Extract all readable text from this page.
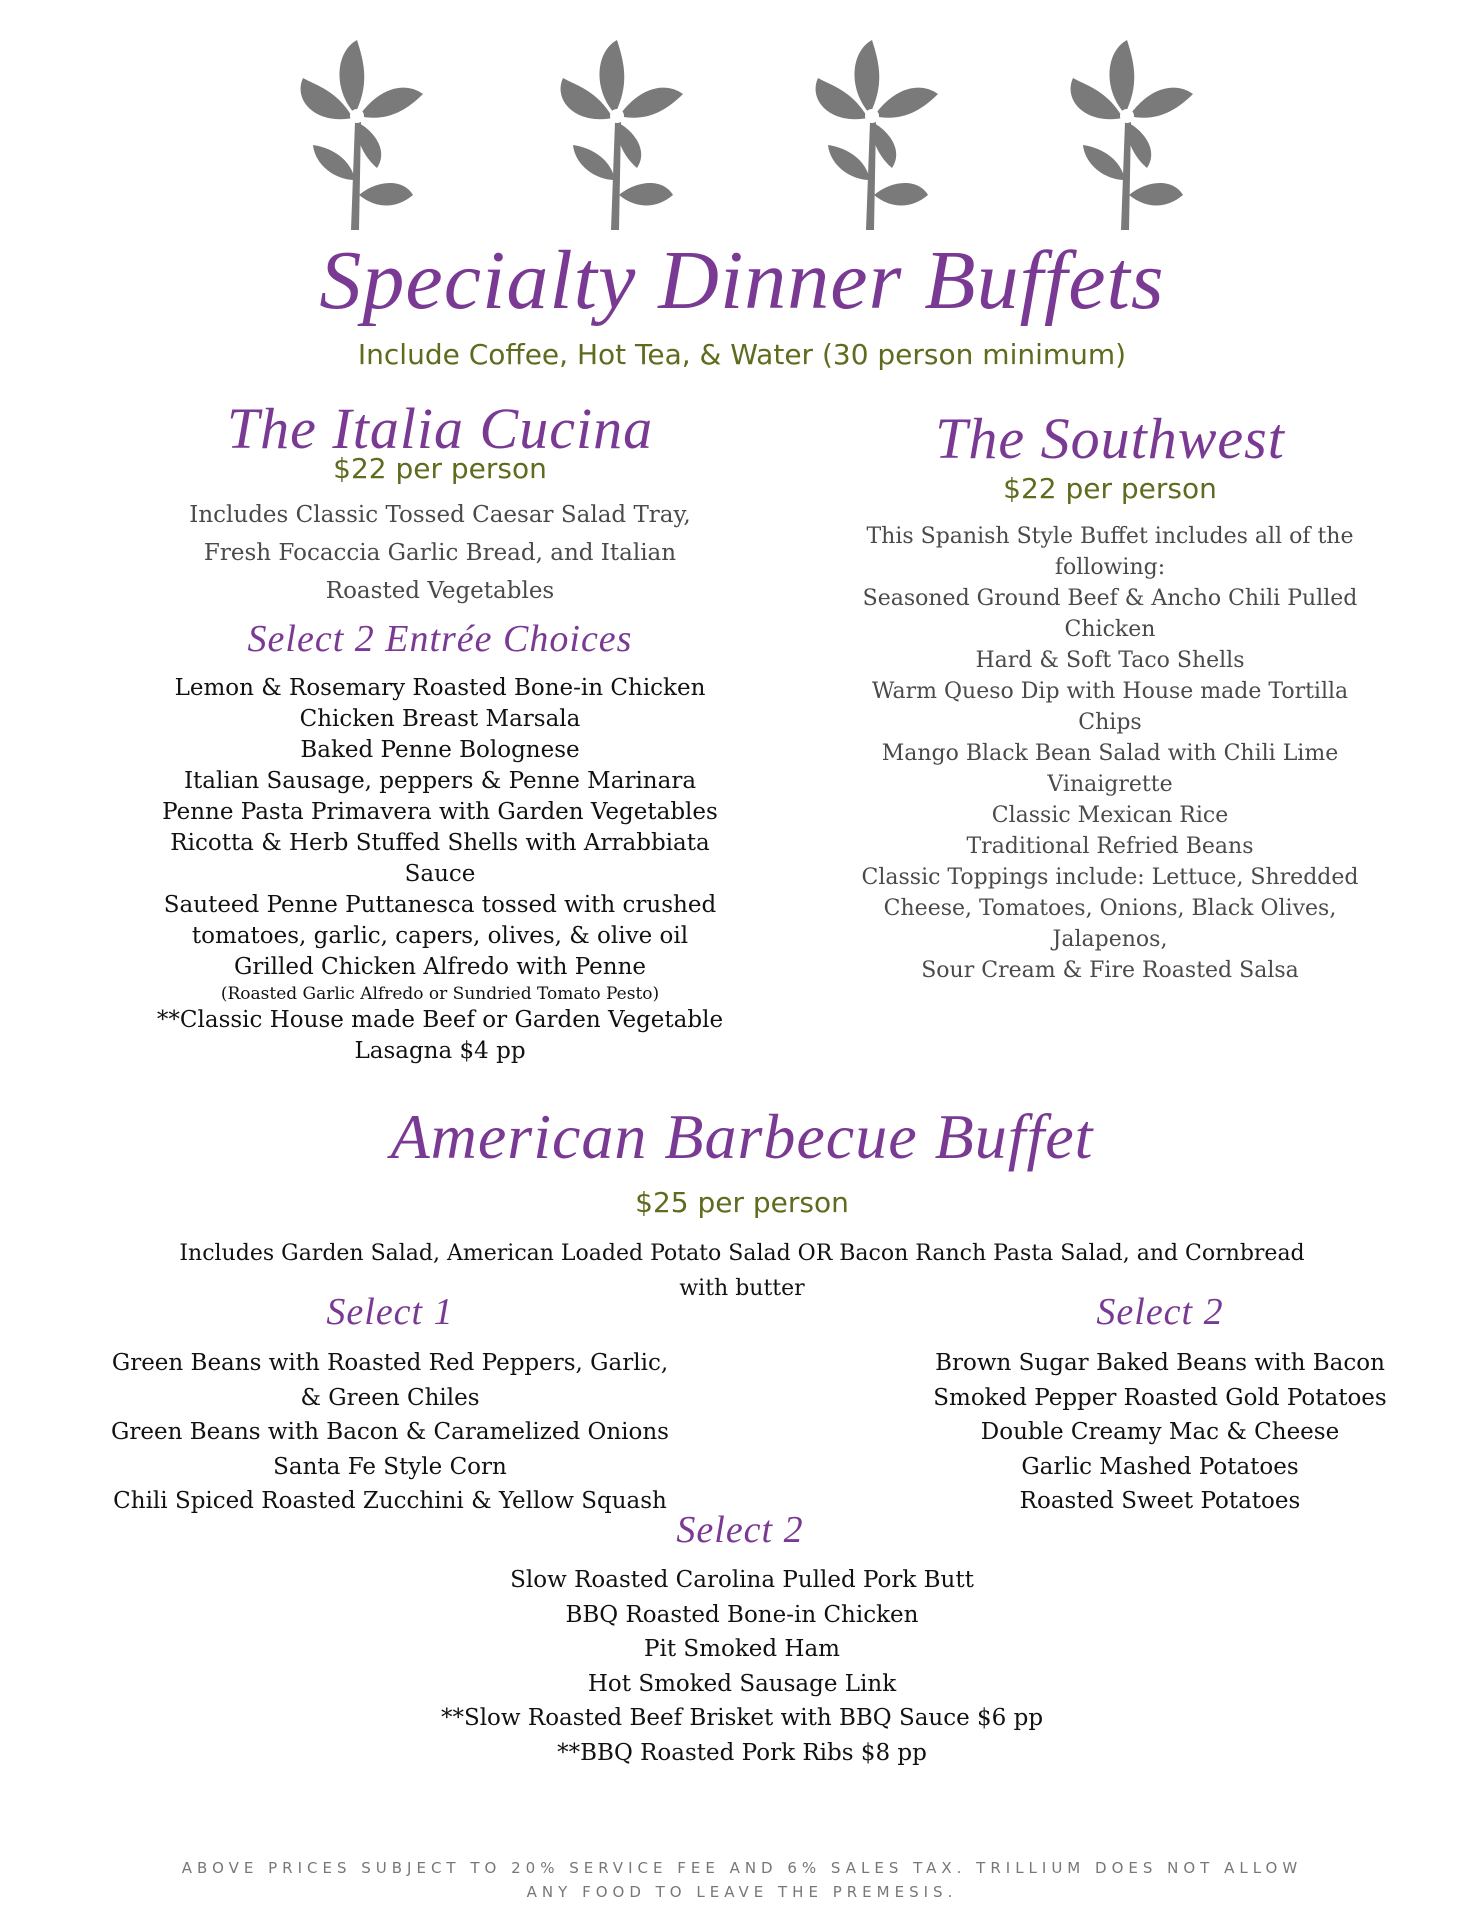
Specialty Dinner Buffets
Include Coffee, Hot Tea, & Water (30 person minimum)
The Italia Cucina
$22 per person
Includes Classic Tossed Caesar Salad Tray, Fresh Focaccia Garlic Bread, and Italian Roasted Vegetables
Select 2 Entrée Choices
Lemon & Rosemary Roasted Bone-in Chicken
Chicken Breast Marsala
Baked Penne Bolognese
Italian Sausage, peppers & Penne Marinara
Penne Pasta Primavera with Garden Vegetables
Ricotta & Herb Stuffed Shells with Arrabbiata Sauce
Sauteed Penne Puttanesca tossed with crushed tomatoes, garlic, capers, olives, & olive oil
Grilled Chicken Alfredo with Penne
(Roasted Garlic Alfredo or Sundried Tomato Pesto)
**Classic House made Beef or Garden Vegetable Lasagna $4 pp
The Southwest
$22 per person
This Spanish Style Buffet includes all of the following:
Seasoned Ground Beef & Ancho Chili Pulled Chicken
Hard & Soft Taco Shells
Warm Queso Dip with House made Tortilla Chips
Mango Black Bean Salad with Chili Lime Vinaigrette
Classic Mexican Rice
Traditional Refried Beans
Classic Toppings include: Lettuce, Shredded Cheese, Tomatoes, Onions, Black Olives, Jalapenos,
Sour Cream & Fire Roasted Salsa
American Barbecue Buffet
$25 per person
Includes Garden Salad, American Loaded Potato Salad OR Bacon Ranch Pasta Salad, and Cornbread with butter
Select 1
Green Beans with Roasted Red Peppers, Garlic, & Green Chiles
Green Beans with Bacon & Caramelized Onions
Santa Fe Style Corn
Chili Spiced Roasted Zucchini & Yellow Squash
Select 2
Brown Sugar Baked Beans with Bacon
Smoked Pepper Roasted Gold Potatoes
Double Creamy Mac & Cheese
Garlic Mashed Potatoes
Roasted Sweet Potatoes
Select 2
Slow Roasted Carolina Pulled Pork Butt
BBQ Roasted Bone-in Chicken
Pit Smoked Ham
Hot Smoked Sausage Link
**Slow Roasted Beef Brisket with BBQ Sauce $6 pp
**BBQ Roasted Pork Ribs $8 pp
ABOVE PRICES SUBJECT TO 20% SERVICE FEE AND 6% SALES TAX. TRILLIUM DOES NOT ALLOW ANY FOOD TO LEAVE THE PREMESIS.
